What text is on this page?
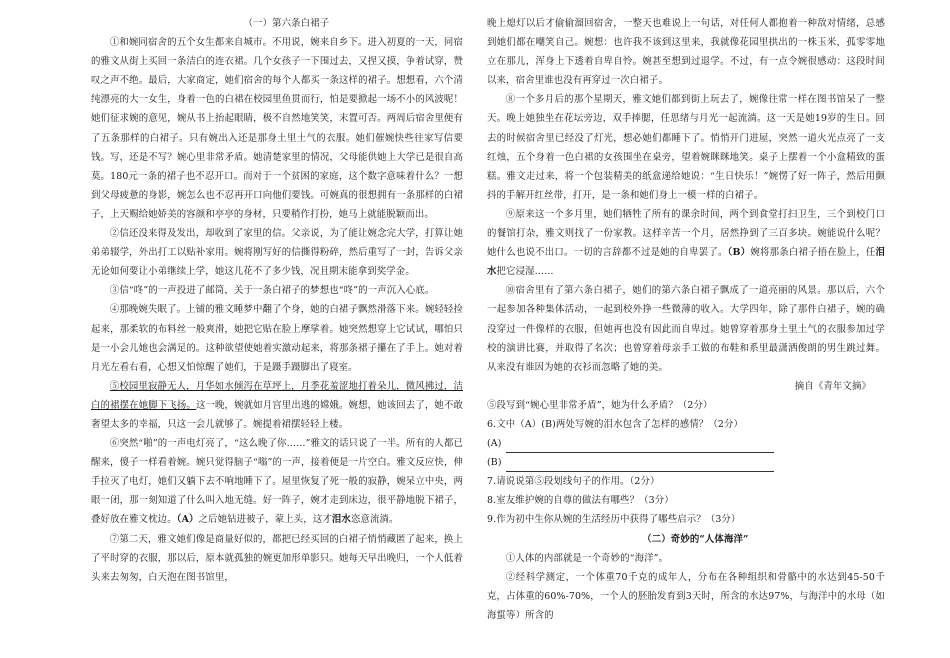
（一）第六条白裙子

①和婉同宿舍的五个女生都来自城市。不用说，婉来自乡下。进入初夏的一天，同宿的雅文从街上买回一条洁白的连衣裙。几个女孩子一下围过去，又捏又摸，争着试穿，赞叹之声不绝。最后，大家商定，她们宿舍的每个人都买一条这样的裙子。想想看，六个清纯漂亮的大一女生，身着一色的白裙在校园里鱼贯而行，怕是要掀起一场不小的风波呢！她们征求婉的意见，婉从书上抬起眼睛，极不自然地笑笑，末置可否。两周后宿舍里便有了五条那样的白裙子。只有婉出入还是那身土里土气的衣服。她们催婉快些往家写信要钱。写，还是不写？婉心里非常矛盾。她清楚家里的情况，父母能供她上大学已是很自高莫。180元一条的裙子也不忍开口。而对于一个贫困的家庭，这个数字意味着什么？一想到父母疲惫的身影，婉怎么也不忍再开口向他们要钱。可婉真的很想拥有一条那样的白裙子，上天赐给她娇美的容颜和亭亭的身材，只要稍作打扮，她马上就能脱颖而出。

②信还没来得及发出，却收到了家里的信。父亲说，为了能让婉念完大学，打算让她弟弟辍学，外出打工以贴补家用。婉将刚写好的信撕得粉碎，然后重写了一封，告诉父亲无论如何要让小弟继续上学，她这儿花不了多少钱，况且期末能拿到奖学金。

③信“咚”的一声投进了邮筒，关于一条白裙子的梦想也“咚”的一声沉入心底。

④那晚婉失眠了。上铺的雅文睡梦中翻了个身，她的白裙子飘然滑落下来。婉轻轻捡起来，那柔软的布料丝一般爽滑，她把它贴在脸上摩挲着。她突然想穿上它试试，哪怕只是一小会儿她也会满足的。这种欲望使她着实激动起来，将那条裙子攥在了手上。她对着月光左看右看，心想又怕惊醒了她们，于是蹑手蹑脚出了寝室。

⑤校园里寂静无人，月华如水倾泻在草坪上，月季花羞涩地打着朵儿，微风拂过，洁白的裙摆在她脚下飞扬。这一晚，婉就如月宫里出逃的嫦娥。婉想，她该回去了，她不敢奢望太多的幸福，只这一会儿就够了。婉提着裙摆轻轻上楼。

⑥突然“啪”的一声电灯亮了，“这么晚了你……”雅文的话只说了一半。所有的人都已醒来，傻子一样看着婉。婉只觉得脑子“嗡”的一声，接着便是一片空白。雅文反应快，伸手拉灭了电灯，她们又躺下去不响地睡下了。屋里恢复了死一般的寂静，婉呆立中央，两眼一闭，那一刻知道了什么叫入地无缝。好一阵子，婉才走到床边，很平静地脱下裙子，叠好放在雅文枕边。（A）之后她钻进被子，蒙上头，这才泪水恣意流淌。

⑦第二天，雅文她们像是商量好似的，都把已经买回的白裙子悄悄藏匿了起来，换上了平时穿的衣服，那以后，原本就孤独的婉更加形单影只。她每天早出晚归，一个人低着头来去匆匆，白天泡在图书馆里，

晚上熄灯以后才偷偷溜回宿舍，一整天也难说上一句话，对任何人都抱着一种敌对情绪，总感到她们都在嘲笑自己。婉想：也许我不该到这里来，我就像花园里拱出的一株玉米，孤零零地立在那儿，浑身上下透着自卑自怜。婉甚至想到过退学。不过，有一点令婉很感动：这段时间以来，宿舍里谁也没有再穿过一次白裙子。

⑧一个多月后的那个星期天，雅文她们都到街上玩去了，婉像往常一样在图书馆呆了一整天。晚上她独坐在花坛旁边，双手捧腮，任思绪与月光一起流淌。这一天是她19岁的生日。回去的时候宿舍里已经没了灯光，想必她们都睡下了。悄悄开门进屋，突然一道火光点亮了一支红烛，五个身着一色白裙的女孩围坐在桌旁，望着婉眯眯地笑。桌子上摆着一个小盒精致的蛋糕。雅文走过来，将一个包装精美的纸盒递给她说：“生日快乐！”婉愣了好一阵子，然后用颤抖的手解开红丝带，打开，是一条和她们身上一模一样的白裙子。

⑨原来这一个多月里，她们牺牲了所有的课余时间，两个到食堂打扫卫生，三个到校门口的餐馆打杂，雅文则找了一份家教。这样辛苦一个月，居然挣到了三百多块。婉能说什么呢？她什么也说不出口。一切的言辞都不过是她的自卑罢了。（B）婉将那条白裙子捂在脸上，任泪水把它浸湿……

⑩宿舍里有了第六条白裙子，她们的第六条白裙子飘成了一道亮丽的风景。那以后，六个一起参加各种集体活动，一起到校外挣一些微薄的收入。大学四年，除了那件白裙子，婉的确没穿过一件像样的衣服，但她再也没有因此而自卑过。她曾穿着那身土里土气的衣服参加过学校的演讲比赛，并取得了名次；也曾穿着母亲手工做的布鞋和系里最潇洒俊朗的男生跳过舞。从来没有谁因为她的衣衫而忽略了她的美。

摘自《青年文摘》

⑤段写到“婉心里非常矛盾”，她为什么矛盾？（2分）

6.文中（A）(B)两处写婉的泪水包含了怎样的感情？（2分）

(A)
(B)

7.请说说第⑤段划线句子的作用。（2分）

8.室友维护婉的自尊的做法有哪些？（3分）

9.作为初中生你从婉的生活经历中获得了哪些启示？（3分）

（二）奇妙的“人体海洋”

①人体的内部就是一个奇妙的“海洋”。

②经科学测定，一个体重70千克的成年人，分布在各种组织和骨骼中的水达到45-50千克，占体重的60%-70%，一个人的胚胎发育到3天时，所含的水达97%，与海洋中的水母（如海蜇等）所含的
